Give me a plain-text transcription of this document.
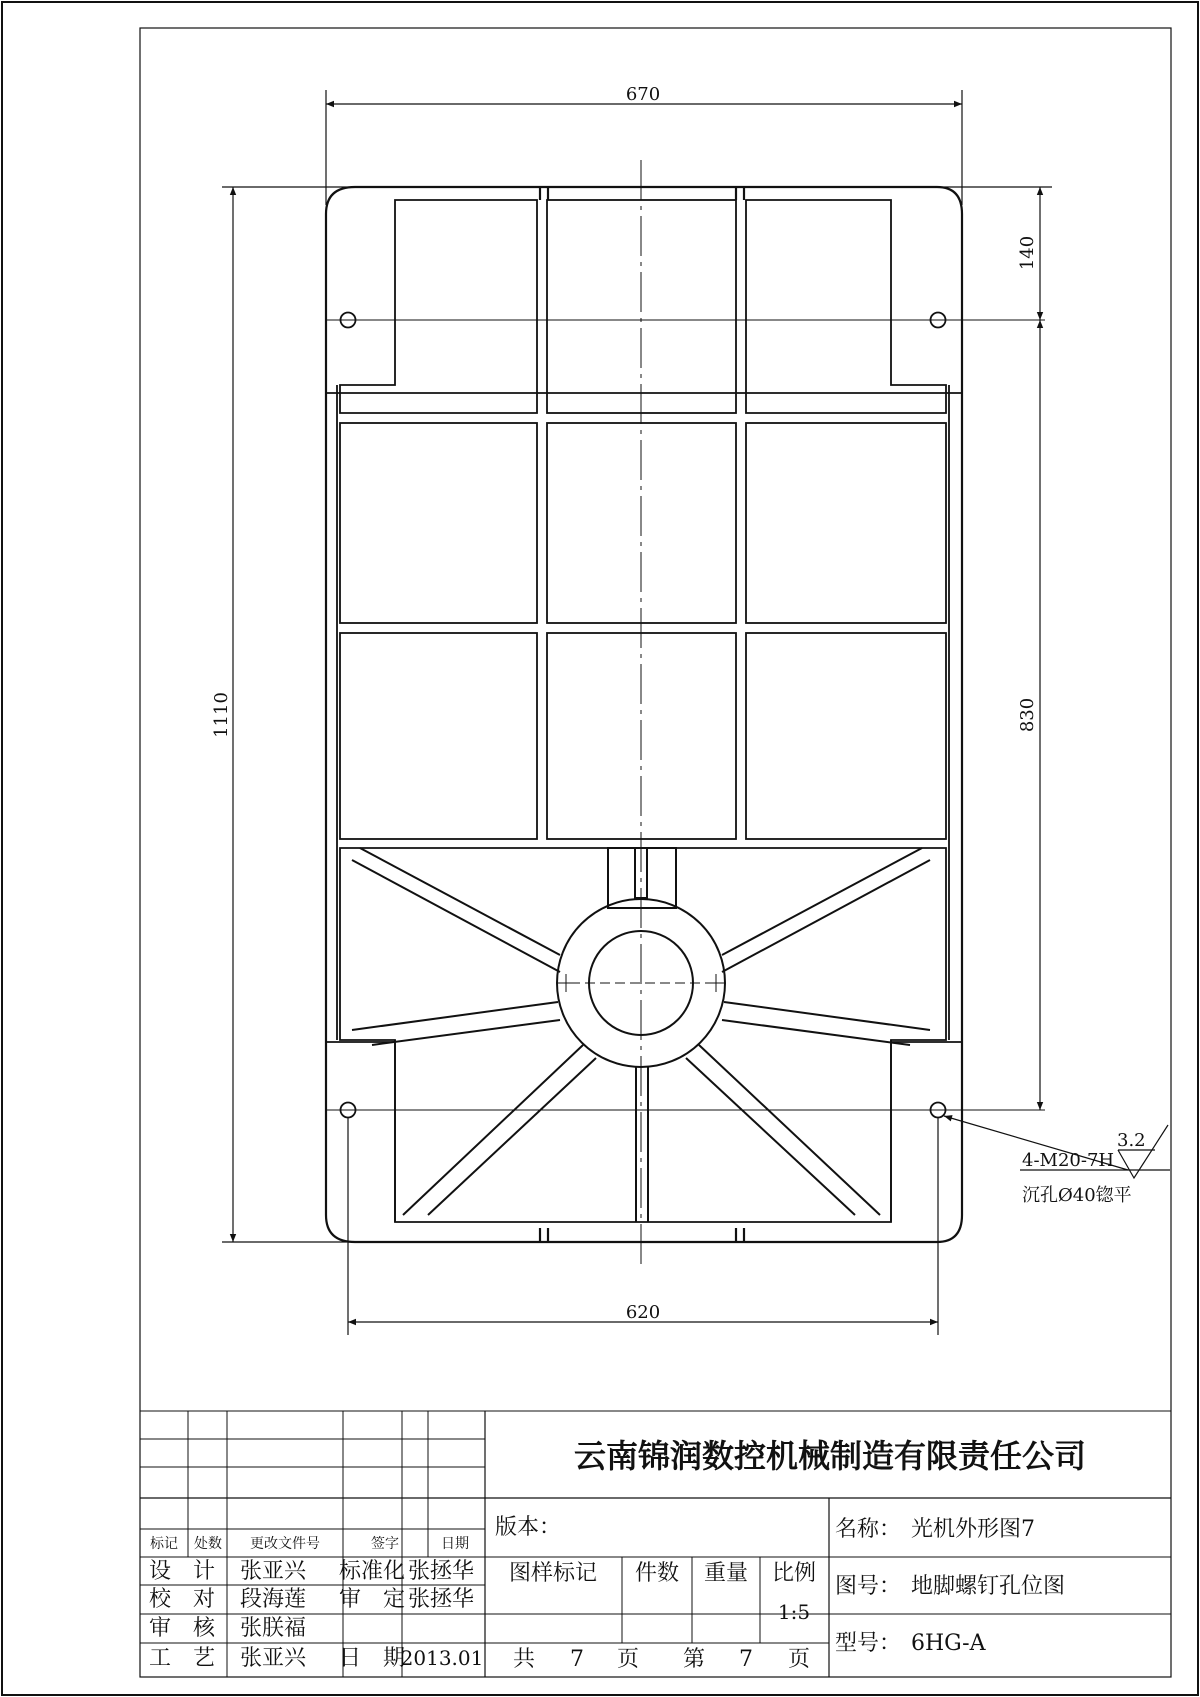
670
620
1110
140
830
3.2
4-M20-7H
沉孔Ø40锪平
云南锦润数控机械制造有限责任公司
标记 处数 更改文件号	签字	日期
设　计 张亚兴 标准化 张拯华
校　对 段海莲 审　定 张拯华
审　核 张朕福
工　艺 张亚兴 日　期
2013.01
版本：
图样标记 件数 重量 比例
1:5
共 7 页 第 7 页
名称： 光机外形图7
图号： 地脚螺钉孔位图
型号： 6HG-A
